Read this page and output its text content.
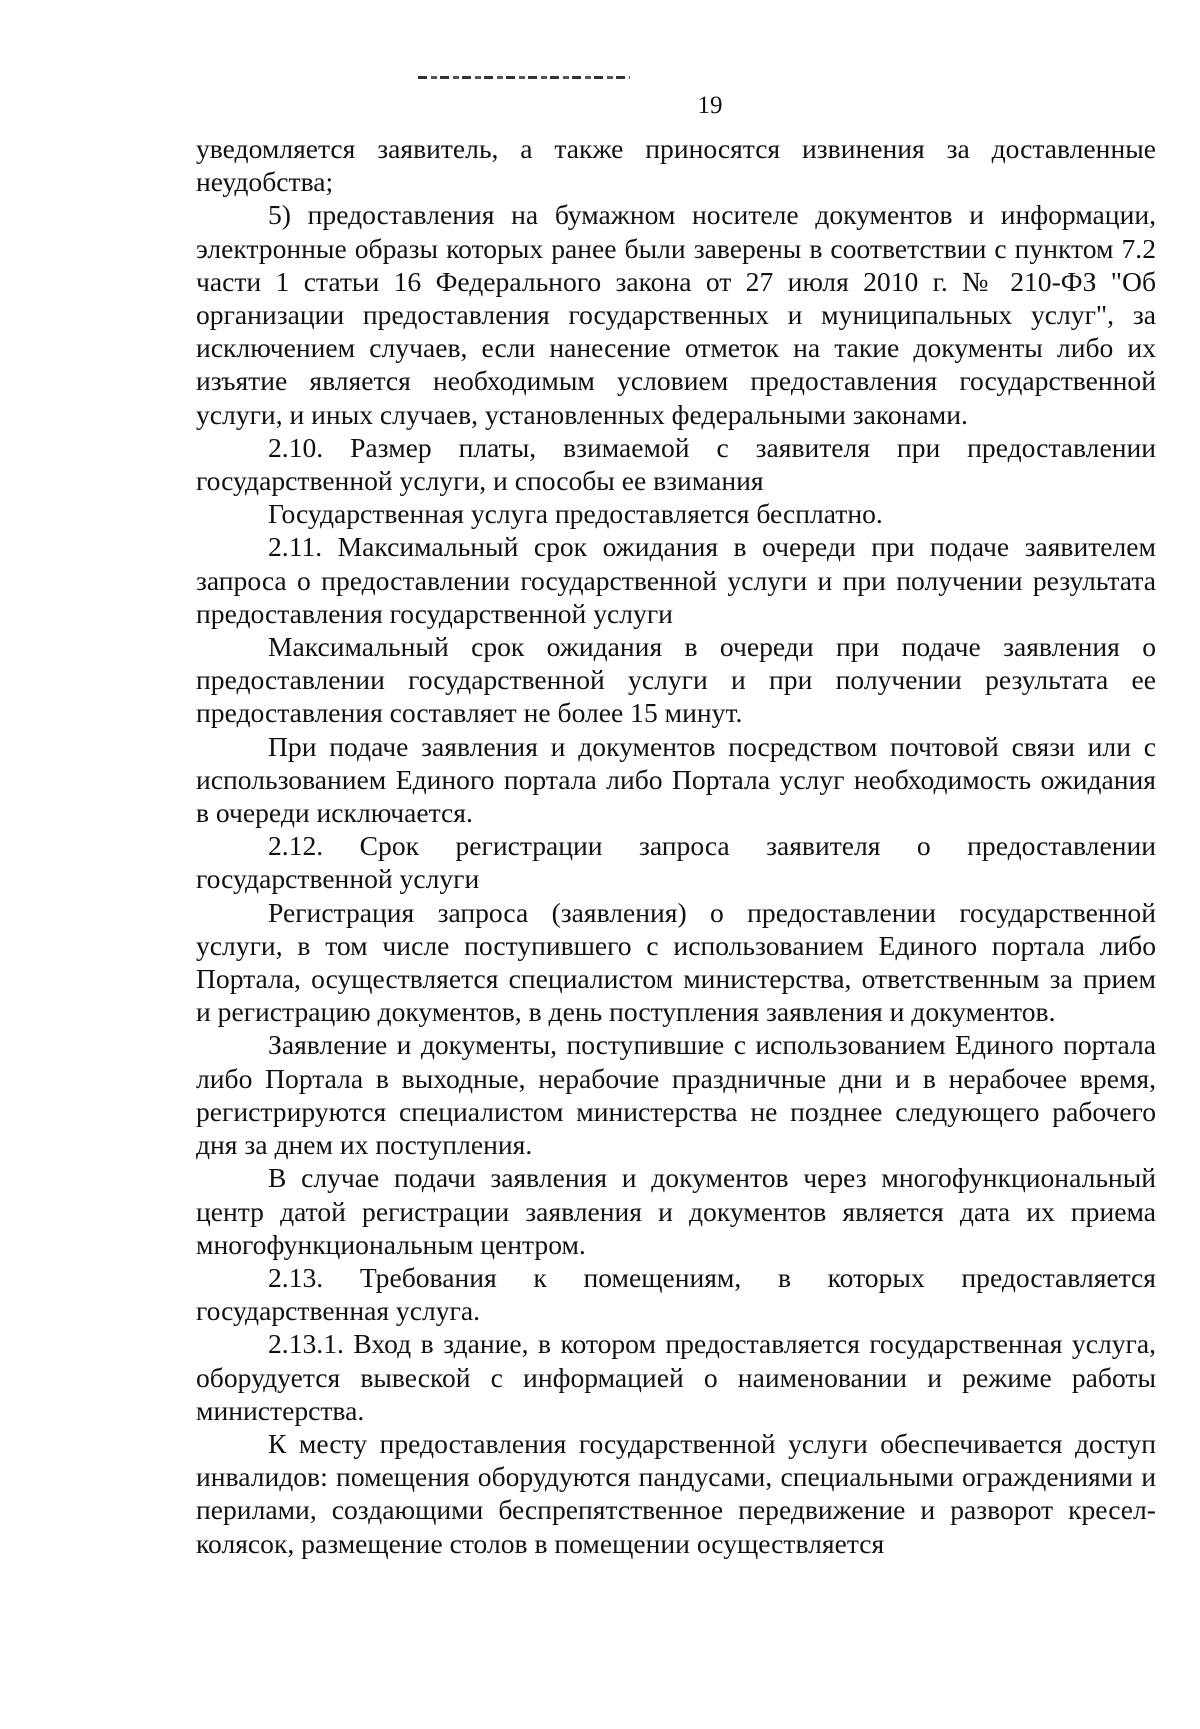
19

уведомляется заявитель, а также приносятся извинения за доставленные неудобства;

5) предоставления на бумажном носителе документов и информации, электронные образы которых ранее были заверены в соответствии с пунктом 7.2 части 1 статьи 16 Федерального закона от 27 июля 2010 г. № 210-ФЗ "Об организации предоставления государственных и муниципальных услуг", за исключением случаев, если нанесение отметок на такие документы либо их изъятие является необходимым условием предоставления государственной услуги, и иных случаев, установленных федеральными законами.

2.10. Размер платы, взимаемой с заявителя при предоставлении государственной услуги, и способы ее взимания

Государственная услуга предоставляется бесплатно.

2.11. Максимальный срок ожидания в очереди при подаче заявителем запроса о предоставлении государственной услуги и при получении результата предоставления государственной услуги

Максимальный срок ожидания в очереди при подаче заявления о предоставлении государственной услуги и при получении результата ее предоставления составляет не более 15 минут.

При подаче заявления и документов посредством почтовой связи или с использованием Единого портала либо Портала услуг необходимость ожидания в очереди исключается.

2.12. Срок регистрации запроса заявителя о предоставлении государственной услуги

Регистрация запроса (заявления) о предоставлении государственной услуги, в том числе поступившего с использованием Единого портала либо Портала, осуществляется специалистом министерства, ответственным за прием и регистрацию документов, в день поступления заявления и документов.

Заявление и документы, поступившие с использованием Единого портала либо Портала в выходные, нерабочие праздничные дни и в нерабочее время, регистрируются специалистом министерства не позднее следующего рабочего дня за днем их поступления.

В случае подачи заявления и документов через многофункциональный центр датой регистрации заявления и документов является дата их приема многофункциональным центром.

2.13. Требования к помещениям, в которых предоставляется государственная услуга.

2.13.1. Вход в здание, в котором предоставляется государственная услуга, оборудуется вывеской с информацией о наименовании и режиме работы министерства.

К месту предоставления государственной услуги обеспечивается доступ инвалидов: помещения оборудуются пандусами, специальными ограждениями и перилами, создающими беспрепятственное передвижение и разворот кресел-колясок, размещение столов в помещении осуществляется
